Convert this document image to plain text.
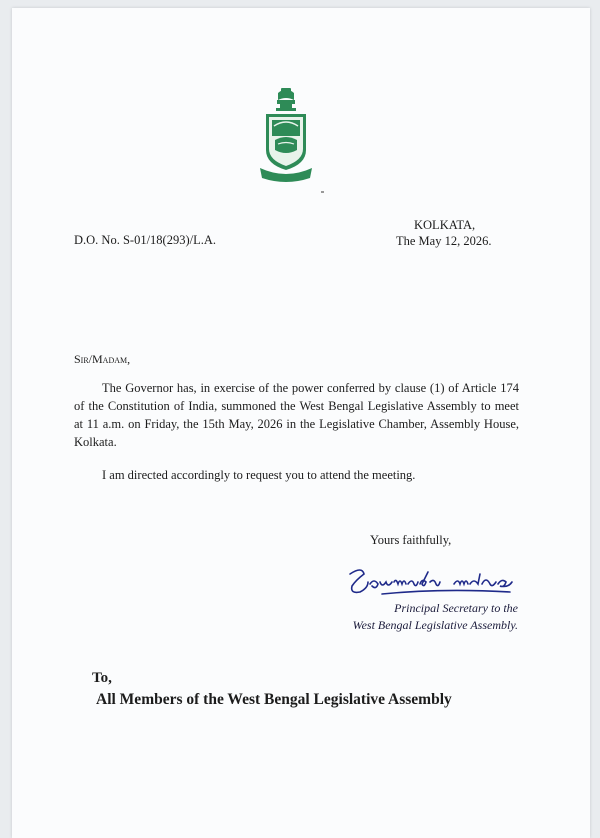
D.O. No. S-01/18(293)/L.A.
KOLKATA,
The May 12, 2026.
Sir/Madam,

The Governor has, in exercise of the power conferred by clause (1) of Article 174 of the Constitution of India, summoned the West Bengal Legislative Assembly to meet at 11 a.m. on Friday, the 15th May, 2026 in the Legislative Chamber, Assembly House, Kolkata.

I am directed accordingly to request you to attend the meeting.

Yours faithfully,
Principal Secretary to the
West Bengal Legislative Assembly.
To,
All Members of the West Bengal Legislative Assembly
